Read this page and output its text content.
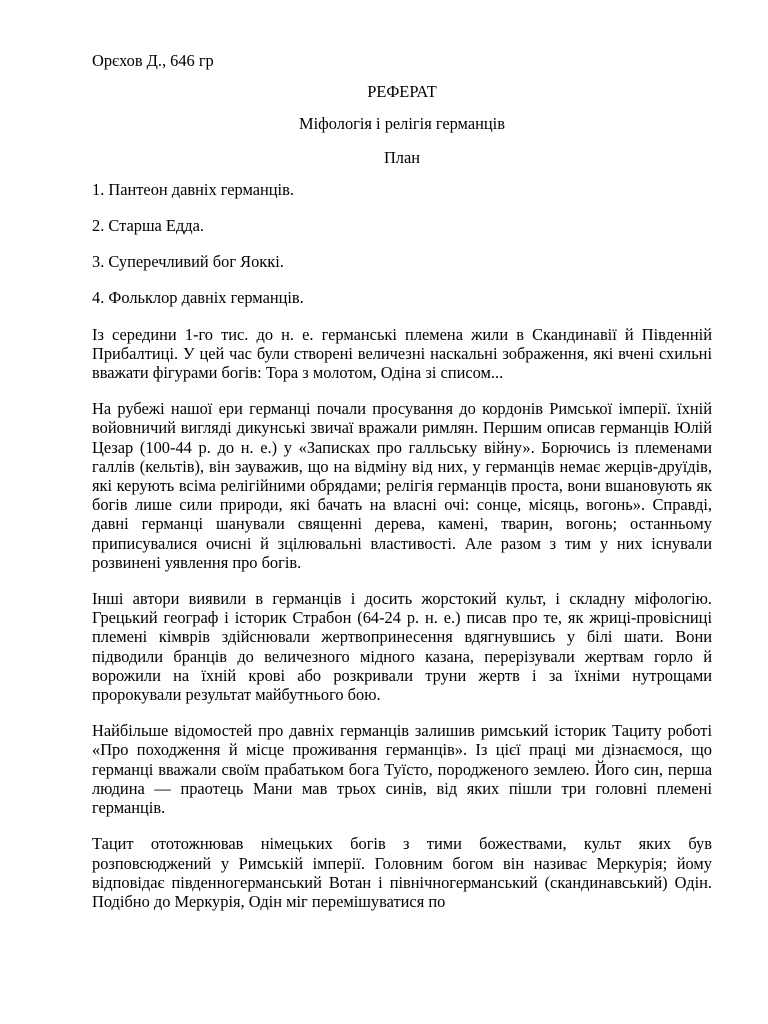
Орєхов Д., 646 гр

РЕФЕРАТ

Міфологія і релігія германців

План

1. Пантеон давніх германців.

2. Старша Едда.

3. Суперечливий бог Яоккі.

4. Фольклор давніх германців.

Із середини 1-го тис. до н. е. германські племена жили в Скандинавії й Південній Прибалтиці. У цей час були створені величезні наскальні зображення, які вчені схильні вважати фігурами богів: Тора з молотом, Одіна зі списом...

На рубежі нашої ери германці почали просування до кордонів Римської імперії. їхній войовничий вигляді дикунські звичаї вражали римлян. Першим описав германців Юлій Цезар (100-44 р. до н. е.) у «Записках про галльську війну». Борючись із племенами галлів (кельтів), він зауважив, що на відміну від них, у германців немає жерців-друїдів, які керують всіма релігійними обрядами; релігія германців проста, вони вшановують як богів лише сили природи, які бачать на власні очі: сонце, місяць, вогонь». Справді, давні германці шанували священні дерева, камені, тварин, вогонь; останньому приписувалися очисні й зцілювальні властивості. Але разом з тим у них існували розвинені уявлення про богів.

Інші автори виявили в германців і досить жорстокий культ, і складну міфологію. Грецький географ і історик Страбон (64-24 р. н. е.) писав про те, як жриці-провісниці племені кімврів здійснювали жертвопринесення вдягнувшись у білі шати. Вони підводили бранців до величезного мідного казана, перерізували жертвам горло й ворожили на їхній крові або розкривали труни жертв і за їхніми нутрощами пророкували результат майбутнього бою.

Найбільше відомостей про давніх германців залишив римський історик Тациту роботі «Про походження й місце проживання германців». Із цієї праці ми дізнаємося, що германці вважали своїм прабатьком бога Туїсто, породженого землею. Його син, перша людина — праотець Мани мав трьох синів, від яких пішли три головні племені германців.

Тацит ототожнював німецьких богів з тими божествами, культ яких був розповсюджений у Римській імперії. Головним богом він називає Меркурія; йому відповідає південногерманський Вотан і північногерманський (скандинавський) Одін. Подібно до Меркурія, Одін міг перемішуватися по
